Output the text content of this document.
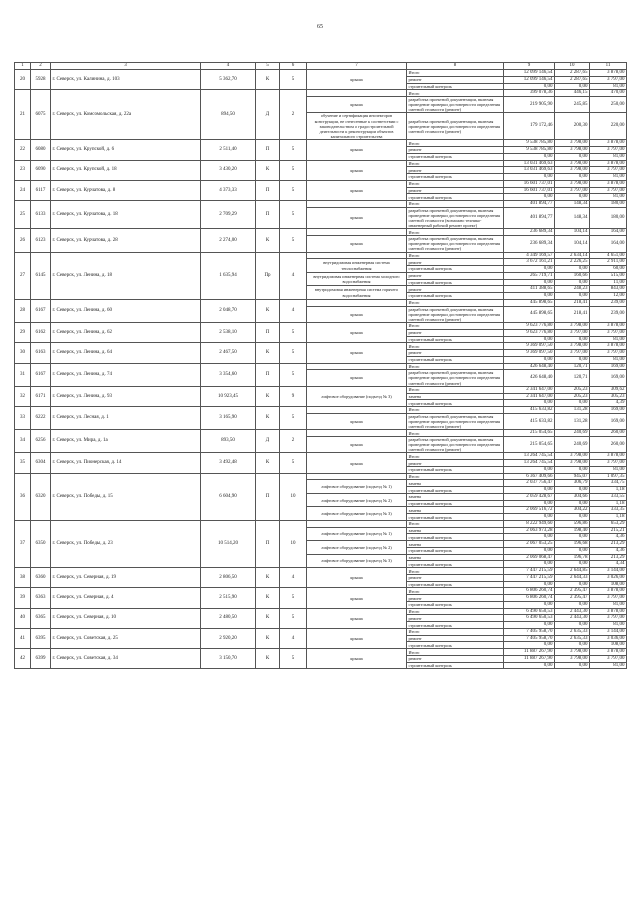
65
1	2	3	4	5	6	7	8	9	10	11
20	5928	г. Северск, ул. Калинина, д. 103	5 362,70	К	5	крыша	Итого	12 099 146,54	2 287,65	3 878,00
							ремонт	12 099 146,54	2 287,65	3 797,00
							строительный контроль	0,00	0,00	81,00
21	6075	г. Северск, ул. Комсомольская, д. 22а	894,50	Д	2		Итого	399 078,36	446,15	470,00
						крыша	разработка проектной документации, включая проведение проверки достоверности определения сметной стоимости (ремонт)	219 905,90	245,85	250,00
						обучение и сертификация инспекторов конструкции, не отнесенные к соответствии с законодательством о градостроительной деятельности к реконструкции объектов капитального строительства	разработка проектной документации, включая проведение проверки достоверности определения сметной стоимости (ремонт)	179 172,46	200,30	220,00
22	6080	г. Северск, ул. Крупской, д. 6	2 511,40	П	5	крыша	Итого	9 538 785,80	3 798,00	3 878,00
							ремонт	9 538 785,80	3 798,00	3 797,00
							строительный контроль	0,00	0,00	81,00
23	6090	г. Северск, ул. Крупской, д. 18	3 430,20	К	5	крыша	Итого	13 031 469,63	3 798,00	3 878,00
							ремонт	13 031 469,63	3 798,00	3 797,00
							строительный контроль	0,00	0,00	81,00
24	6117	г. Северск, ул. Курчатова, д. 8	4 373,33	П	5	крыша	Итого	16 601 737,01	3 798,00	3 878,00
							ремонт	16 601 737,01	3 797,00	3 797,00
							строительный контроль	0,00	0,00	81,00
25	6133	г. Северск, ул. Курчатова, д. 18	2 709,29	П	5		Итого	401 894,77	148,34	180,00
						крыша	разработка проектной документации, включая проведение проверки достоверности определения сметной стоимости (возможно технико-инженерный рабочий ремонт проект)	401 894,77	148,34	180,00
26	6123	г. Северск, ул. Курчатова, д. 28	2 274,00	К	5		Итого	236 689,34	104,14	164,00
						крыша	разработка проектной документации, включая проведение проверки достоверности определения сметной стоимости (ремонт)	236 689,34	104,14	164,00
27	6145	г. Северск, ул. Ленина, д. 18	1 635,94	Пр	4		Итого	4 349 169,57	2 634,14	4 651,00
						внутридомовая инженерная система теплоснабжения	ремонт	3 672 161,21	2 226,25	2 911,00
							строительный контроль	0,00	0,00	60,00
						внутридомовая инженерная система холодного водоснабжения	ремонт	265 719,71	160,66	515,00
							строительный контроль	0,00	0,00	11,00
						внутридомовая инженерная система горячего водоснабжения	ремонт	411 388,65	248,23	843,00
							строительный контроль	0,00	0,00	12,00
28	6167	г. Северск, ул. Ленина, д. 60	2 048,70	К	4		Итого	445 898,65	218,41	239,00
						крыша	разработка проектной документации, включая проведение проверки достоверности определения сметной стоимости (ремонт)	445 898,65	218,41	239,00
29	6162	г. Северск, ул. Ленина, д. 62	2 538,10	П	5	крыша	Итого	9 623 776,80	3 798,00	3 878,00
							ремонт	9 623 776,80	3 797,00	3 797,00
							строительный контроль	0,00	0,00	81,00
30	6163	г. Северск, ул. Ленина, д. 64	2 467,50	К	5	крыша	Итого	9 369 097,50	3 798,00	3 878,00
							ремонт	9 369 097,50	3 797,00	3 797,00
							строительный контроль	0,00	0,00	81,00
31	6167	г. Северск, ул. Ленина, д. 74	3 354,60	П	5		Итого	426 648,40	120,71	169,00
						крыша	разработка проектной документации, включая проведение проверки достоверности определения сметной стоимости (ремонт)	426 648,40	120,71	169,00
32	6171	г. Северск, ул. Ленина, д. 93	10 923,45	К	9	лифтовое оборудование (подъезд № 3)	Итого	2 341 647,00	205,23	309,62
							замена	2 341 647,00	205,23	305,23
							строительный контроль	0,00	0,00	4,39
33	6222	г. Северск, ул. Лесная, д. 1	3 165,90	К	5		Итого	415 633,82	131,28	169,00
						крыша	разработка проектной документации, включая проведение проверки достоверности определения сметной стоимости (ремонт)	415 633,82	131,28	169,00
34	6256	г. Северск, ул. Мира, д. 1а	893,50	Д	2		Итого	215 054,65	240,69	260,00
						крыша	разработка проектной документации, включая проведение проверки достоверности определения сметной стоимости (ремонт)	215 054,65	240,69	260,00
35	6304	г. Северск, ул. Пионерская, д. 14	3 492,48	К	5	крыша	Итого	13 264 745,54	3 798,00	3 878,00
							ремонт	13 264 745,54	3 798,00	3 797,00
							строительный контроль	0,00	0,00	81,00
36	6320	г. Северск, ул. Победы, д. 15	6 604,90	П	10		Итого	6 367 409,66	945,07	1 097,35
						лифтовое оборудование (подъезд № 1)	замена	2 037 756,47	306,79	334,75
							строительный контроль	0,00	0,00	1,18
						лифтовое оборудование (подъезд № 2)	замена	2 059 428,67	304,66	333,55
							строительный контроль	0,00	0,00	1,18
						лифтовое оборудование (подъезд № 3)	замена	2 069 516,72	304,22	333,35
							строительный контроль	0,00	0,00	1,18
37	6350	г. Северск, ул. Победы, д. 23	10 514,20	П	10		Итого	8 222 949,60	596,86	653,29
						лифтовое оборудование (подъезд № 1)	замена	2 063 973,28	198,40	215,21
							строительный контроль	0,00	0,00	4,36
						лифтовое оборудование (подъезд № 2)	замена	2 067 053,25	196,68	213,29
							строительный контроль	0,00	0,00	4,36
						лифтовое оборудование (подъезд № 3)	замена	2 069 068,47	196,78	213,29
							строительный контроль	0,00	0,00	4,34
38	6360	г. Северск, ул. Северная, д. 19	2 806,50	К	4	крыша	Итого	7 447 215,59	2 644,85	3 144,00
							ремонт	7 447 215,59	2 644,33	3 026,00
							строительный контроль	0,00	0,00	108,00
39	6363	г. Северск, ул. Северная, д. 4	2 515,90	К	5	крыша	Итого	6 806 260,74	2 395,47	3 878,00
							ремонт	6 806 260,74	2 395,47	3 797,00
							строительный контроль	0,00	0,00	81,00
40	6365	г. Северск, ул. Северная, д. 10	2 480,50	К	5	крыша	Итого	6 490 650,53	2 443,30	3 878,00
							ремонт	6 490 650,53	2 443,30	3 797,00
							строительный контроль	0,00	0,00	81,00
41	6395	г. Северск, ул. Советская, д. 25	2 920,20	К	4	крыша	Итого	7 405 958,70	2 635,33	3 144,00
							ремонт	7 405 958,70	2 635,33	3 036,00
							строительный контроль	0,00	0,00	108,00
42	6399	г. Северск, ул. Советская, д. 34	3 150,70	К	5	крыша	Итого	11 887 267,90	3 798,00	3 878,00
							ремонт	11 887 267,90	3 798,00	3 797,00
							строительный контроль	0,00	0,00	81,00
